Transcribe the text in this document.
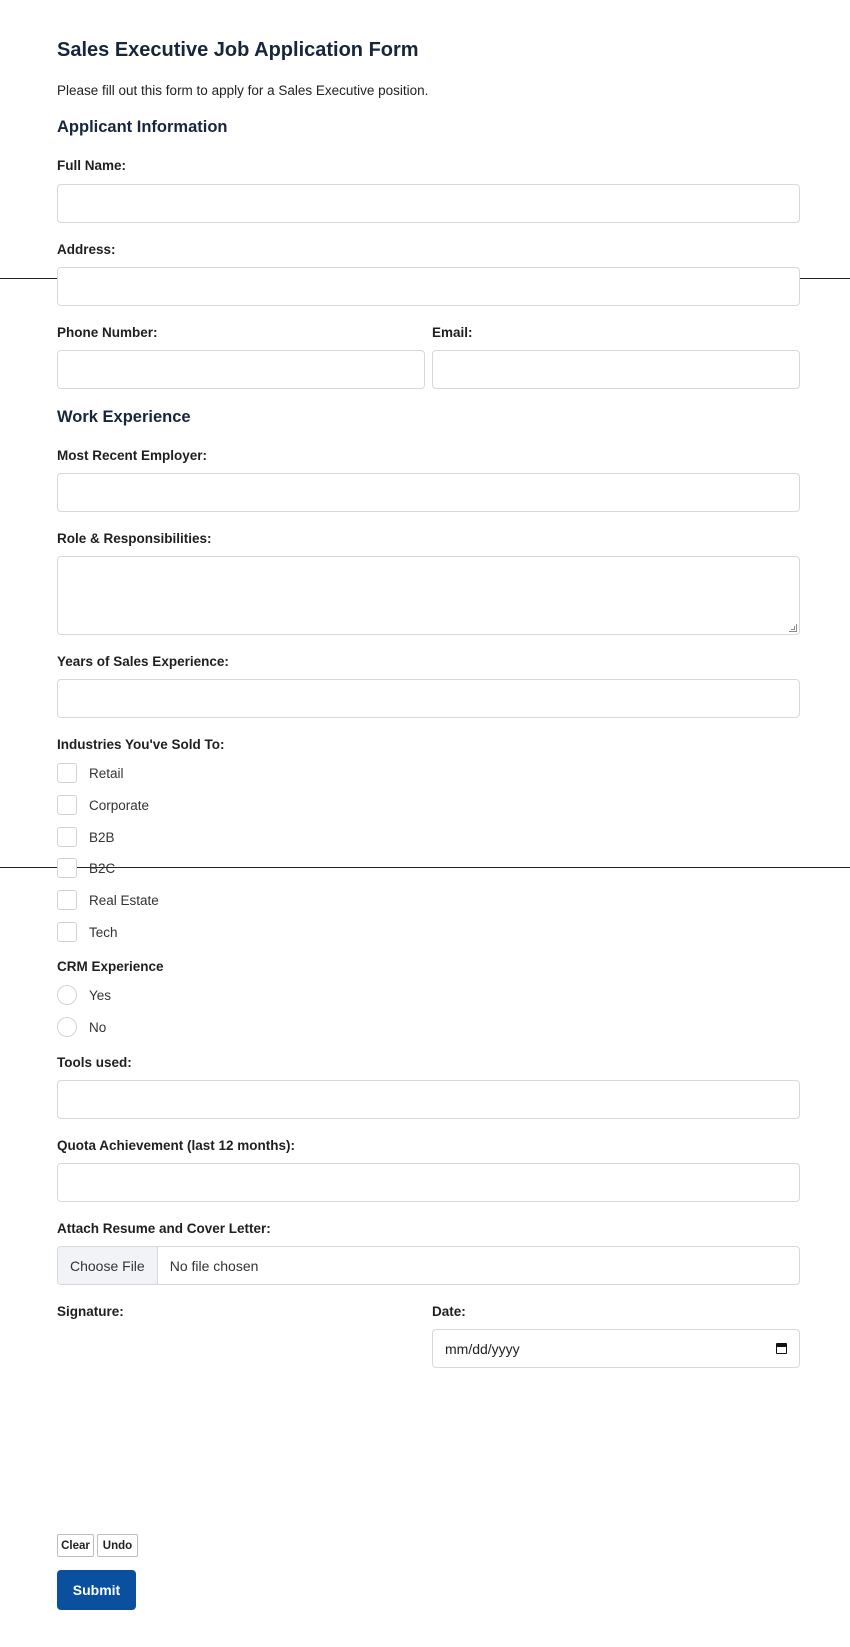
Sales Executive Job Application Form

Please fill out this form to apply for a Sales Executive position.

Applicant Information
Full Name:
Address:
Phone Number:	Email:
Work Experience
Most Recent Employer:
Role & Responsibilities:
Years of Sales Experience:
Industries You've Sold To:
Retail
Corporate
B2B
B2C
Real Estate
Tech
CRM Experience
Yes
No
Tools used:
Quota Achievement (last 12 months):
Attach Resume and Cover Letter:
Choose File	No file chosen
Signature:	Date:
mm/dd/yyyy
Clear	Undo
Submit
